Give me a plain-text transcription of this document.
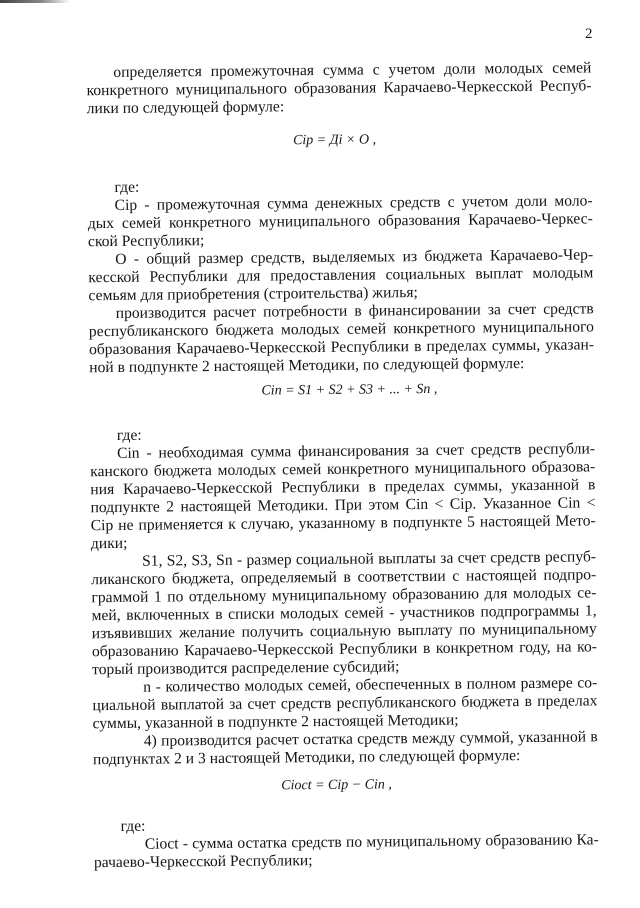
2
определяется промежуточная сумма с учетом доли молодых семей
конкретного муниципального образования Карачаево-Черкесской Респуб-
лики по следующей формуле:
Cip = Дi × O ,
где:
Cip - промежуточная сумма денежных средств с учетом доли моло-
дых семей конкретного муниципального образования Карачаево-Черкес-
ской Республики;
O - общий размер средств, выделяемых из бюджета Карачаево-Чер-
кесской Республики для предоставления социальных выплат молодым
семьям для приобретения (строительства) жилья;
производится расчет потребности в финансировании за счет средств
республиканского бюджета молодых семей конкретного муниципального
образования Карачаево-Черкесской Республики в пределах суммы, указан-
ной в подпункте 2 настоящей Методики, по следующей формуле:
Cin = S1 + S2 + S3 + ... + Sn ,
где:
Cin - необходимая сумма финансирования за счет средств республи-
канского бюджета молодых семей конкретного муниципального образова-
ния Карачаево-Черкесской Республики в пределах суммы, указанной в
подпункте 2 настоящей Методики. При этом Cin < Cip. Указанное Cin <
Cip не применяется к случаю, указанному в подпункте 5 настоящей Мето-
дики;
S1, S2, S3, Sn - размер социальной выплаты за счет средств респуб-
ликанского бюджета, определяемый в соответствии с настоящей подпро-
граммой 1 по отдельному муниципальному образованию для молодых се-
мей, включенных в списки молодых семей - участников подпрограммы 1,
изъявивших желание получить социальную выплату по муниципальному
образованию Карачаево-Черкесской Республики в конкретном году, на ко-
торый производится распределение субсидий;
n - количество молодых семей, обеспеченных в полном размере со-
циальной выплатой за счет средств республиканского бюджета в пределах
суммы, указанной в подпункте 2 настоящей Методики;
4) производится расчет остатка средств между суммой, указанной в
подпунктах 2 и 3 настоящей Методики, по следующей формуле:
Cioct = Cip − Cin ,
где:
Cioct - сумма остатка средств по муниципальному образованию Ка-
рачаево-Черкесской Республики;
